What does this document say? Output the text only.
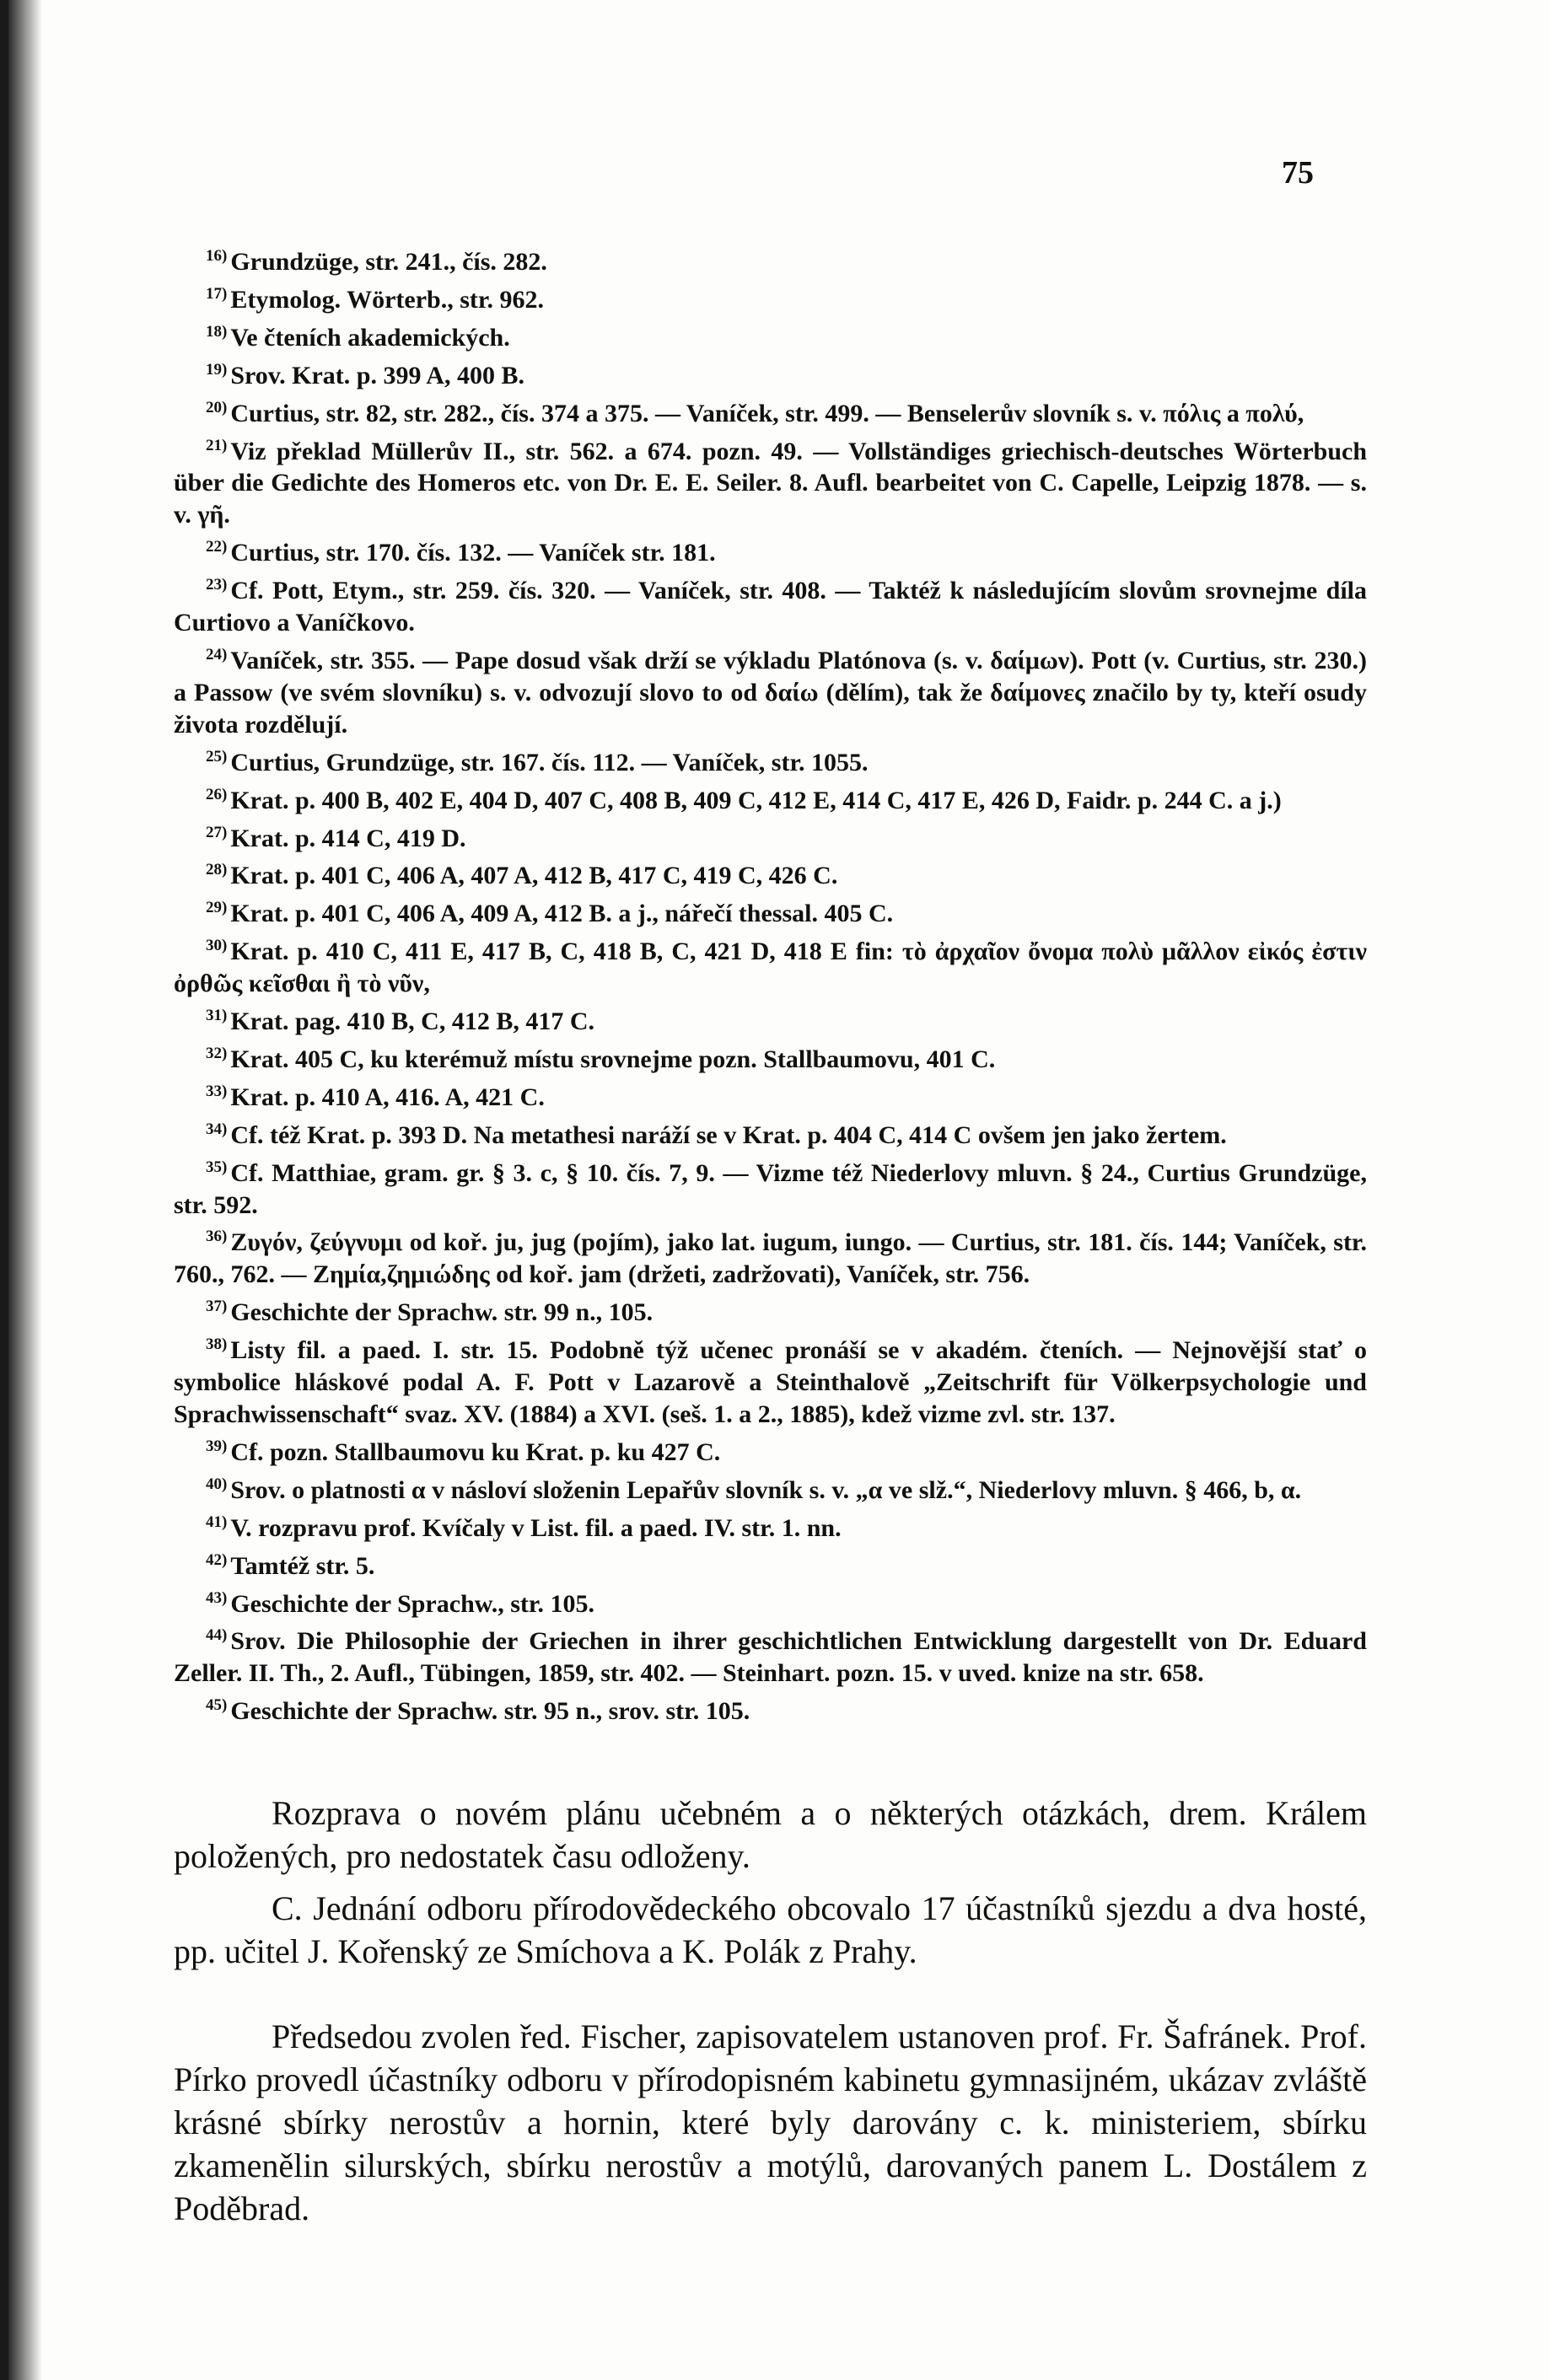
75
$^{16)}$ Grundzüge, str. 241., čís. 282.
$^{17)}$ Etymolog. Wörterb., str. 962.
$^{18)}$ Ve čteních akademických.
$^{19)}$ Srov. Krat. p. 399 A, 400 B.
$^{20)}$ Curtius, str. 82, str. 282., čís. 374 a 375. — Vaníček, str. 499. — Benselerův slovník s. v. πόλις a πολύ,
$^{21)}$ Viz překlad Müllerův II., str. 562. a 674. pozn. 49. — Vollständiges griechisch-deutsches Wörterbuch über die Gedichte des Homeros etc. von Dr. E. E. Seiler. 8. Aufl. bearbeitet von C. Capelle, Leipzig 1878. — s. v. γῆ.
$^{22)}$ Curtius, str. 170. čís. 132. — Vaníček str. 181.
$^{23)}$ Cf. Pott, Etym., str. 259. čís. 320. — Vaníček, str. 408. — Taktéž k následujícím slovům srovnejme díla Curtiovo a Vaníčkovo.
$^{24)}$ Vaníček, str. 355. — Pape dosud však drží se výkladu Platónova (s. v. δαίμων). Pott (v. Curtius, str. 230.) a Passow (ve svém slovníku) s. v. odvozují slovo to od δαίω (dělím), tak že δαίμονες značilo by ty, kteří osudy života rozdělují.
$^{25)}$ Curtius, Grundzüge, str. 167. čís. 112. — Vaníček, str. 1055.
$^{26)}$ Krat. p. 400 B, 402 E, 404 D, 407 C, 408 B, 409 C, 412 E, 414 C, 417 E, 426 D, Faidr. p. 244 C. a j.)
$^{27)}$ Krat. p. 414 C, 419 D.
$^{28)}$ Krat. p. 401 C, 406 A, 407 A, 412 B, 417 C, 419 C, 426 C.
$^{29)}$ Krat. p. 401 C, 406 A, 409 A, 412 B. a j., nářečí thessal. 405 C.
$^{30)}$ Krat. p. 410 C, 411 E, 417 B, C, 418 B, C, 421 D, 418 E fin: τὸ ἀρχαῖον ὄνομα πολὺ μᾶλλον εἰκός ἐστιν ὀρθῶς κεῖσθαι ἢ τὸ νῦν,
$^{31)}$ Krat. pag. 410 B, C, 412 B, 417 C.
$^{32)}$ Krat. 405 C, ku kterémuž místu srovnejme pozn. Stallbaumovu, 401 C.
$^{33)}$ Krat. p. 410 A, 416. A, 421 C.
$^{34)}$ Cf. též Krat. p. 393 D. Na metathesi naráží se v Krat. p. 404 C, 414 C ovšem jen jako žertem.
$^{35)}$ Cf. Matthiae, gram. gr. § 3. c, § 10. čís. 7, 9. — Vizme též Niederlovy mluvn. § 24., Curtius Grundzüge, str. 592.
$^{36)}$ Ζυγόν, ζεύγνυμι od koř. ju, jug (pojím), jako lat. iugum, iungo. — Curtius, str. 181. čís. 144; Vaníček, str. 760., 762. — Ζημία,ζημιώδης od koř. jam (držeti, zadržovati), Vaníček, str. 756.
$^{37)}$ Geschichte der Sprachw. str. 99 n., 105.
$^{38)}$ Listy fil. a paed. I. str. 15. Podobně týž učenec pronáší se v akadém. čteních. — Nejnovější stať o symbolice hláskové podal A. F. Pott v Lazarově a Steinthalově „Zeitschrift für Völkerpsychologie und Sprachwissenschaft“ svaz. XV. (1884) a XVI. (seš. 1. a 2., 1885), kdež vizme zvl. str. 137.
$^{39)}$ Cf. pozn. Stallbaumovu ku Krat. p. ku 427 C.
$^{40)}$ Srov. o platnosti α v násloví složenin Lepařův slovník s. v. „α ve slž.“, Niederlovy mluvn. § 466, b, α.
$^{41)}$ V. rozpravu prof. Kvíčaly v List. fil. a paed. IV. str. 1. nn.
$^{42)}$ Tamtéž str. 5.
$^{43)}$ Geschichte der Sprachw., str. 105.
$^{44)}$ Srov. Die Philosophie der Griechen in ihrer geschichtlichen Entwicklung dargestellt von Dr. Eduard Zeller. II. Th., 2. Aufl., Tübingen, 1859, str. 402. — Steinhart. pozn. 15. v uved. knize na str. 658.
$^{45)}$ Geschichte der Sprachw. str. 95 n., srov. str. 105.

Rozprava o novém plánu učebném a o některých otázkách, drem. Králem položených, pro nedostatek času odloženy.

C. Jednání odboru přírodovědeckého obcovalo 17 účastníků sjezdu a dva hosté, pp. učitel J. Kořenský ze Smíchova a K. Polák z Prahy.

Předsedou zvolen řed. Fischer, zapisovatelem ustanoven prof. Fr. Šafránek. Prof. Pírko provedl účastníky odboru v přírodopisném kabinetu gymnasijném, ukázav zvláště krásné sbírky nerostův a hornin, které byly darovány c. k. ministeriem, sbírku zkamenělin silurských, sbírku nerostův a motýlů, darovaných panem L. Dostálem z Poděbrad.
